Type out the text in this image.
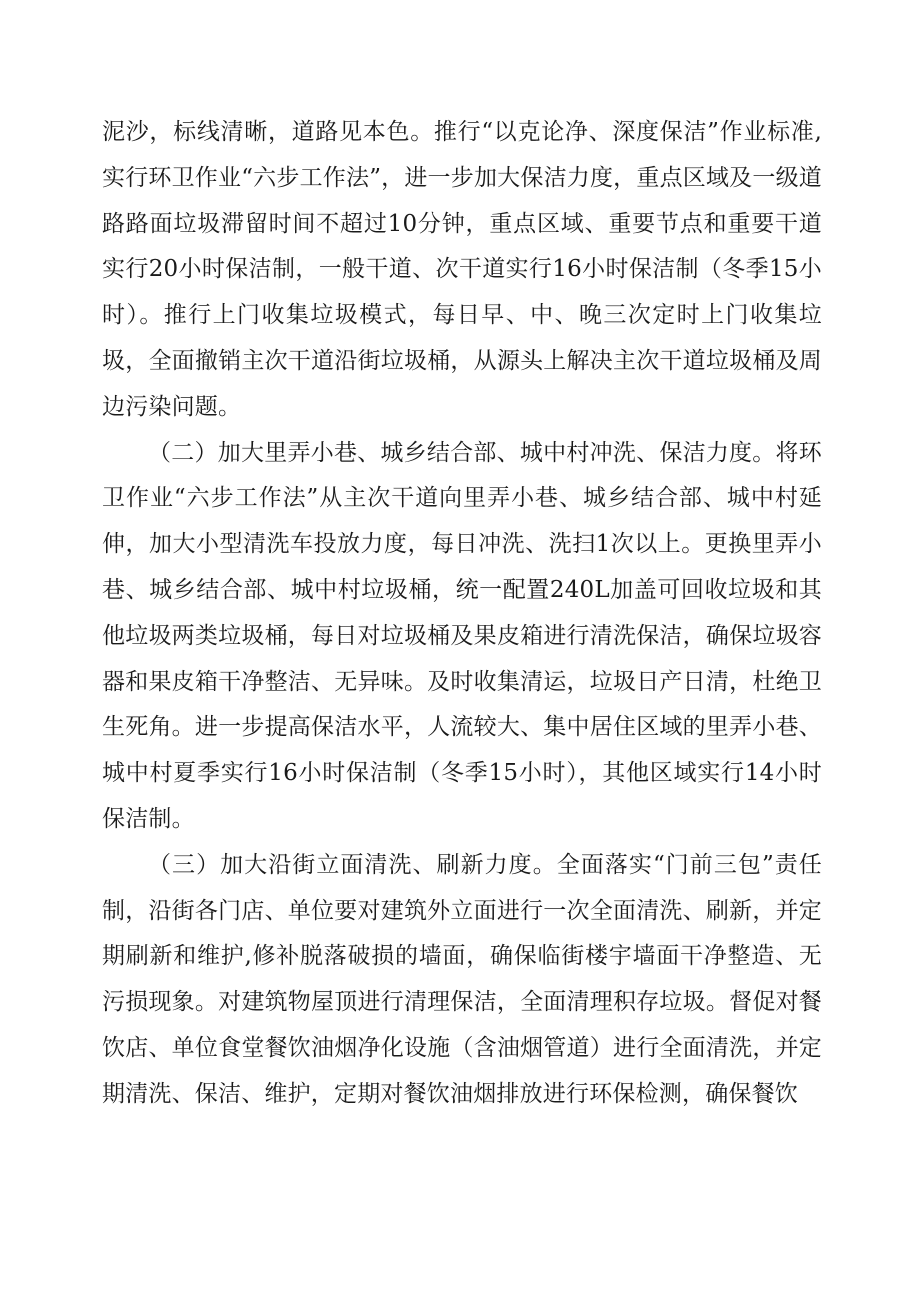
泥沙，标线清晰，道路见本色。推行“以克论净、深度保洁”作业标准,实行环卫作业“六步工作法”，进一步加大保洁力度，重点区域及一级道路路面垃圾滞留时间不超过10分钟，重点区域、重要节点和重要干道实行20小时保洁制，一般干道、次干道实行16小时保洁制（冬季15小时）。推行上门收集垃圾模式，每日早、中、晚三次定时上门收集垃圾，全面撤销主次干道沿街垃圾桶，从源头上解决主次干道垃圾桶及周边污染问题。

（二）加大里弄小巷、城乡结合部、城中村冲洗、保洁力度。将环卫作业“六步工作法”从主次干道向里弄小巷、城乡结合部、城中村延伸，加大小型清洗车投放力度，每日冲洗、洗扫1次以上。更换里弄小巷、城乡结合部、城中村垃圾桶，统一配置240L加盖可回收垃圾和其他垃圾两类垃圾桶，每日对垃圾桶及果皮箱进行清洗保洁，确保垃圾容器和果皮箱干净整洁、无异味。及时收集清运，垃圾日产日清，杜绝卫生死角。进一步提高保洁水平，人流较大、集中居住区域的里弄小巷、城中村夏季实行16小时保洁制（冬季15小时），其他区域实行14小时保洁制。

（三）加大沿街立面清洗、刷新力度。全面落实“门前三包”责任制，沿街各门店、单位要对建筑外立面进行一次全面清洗、刷新，并定期刷新和维护,修补脱落破损的墙面，确保临街楼宇墙面干净整造、无污损现象。对建筑物屋顶进行清理保洁，全面清理积存垃圾。督促对餐饮店、单位食堂餐饮油烟净化设施（含油烟管道）进行全面清洗，并定期清洗、保洁、维护，定期对餐饮油烟排放进行环保检测，确保餐饮
